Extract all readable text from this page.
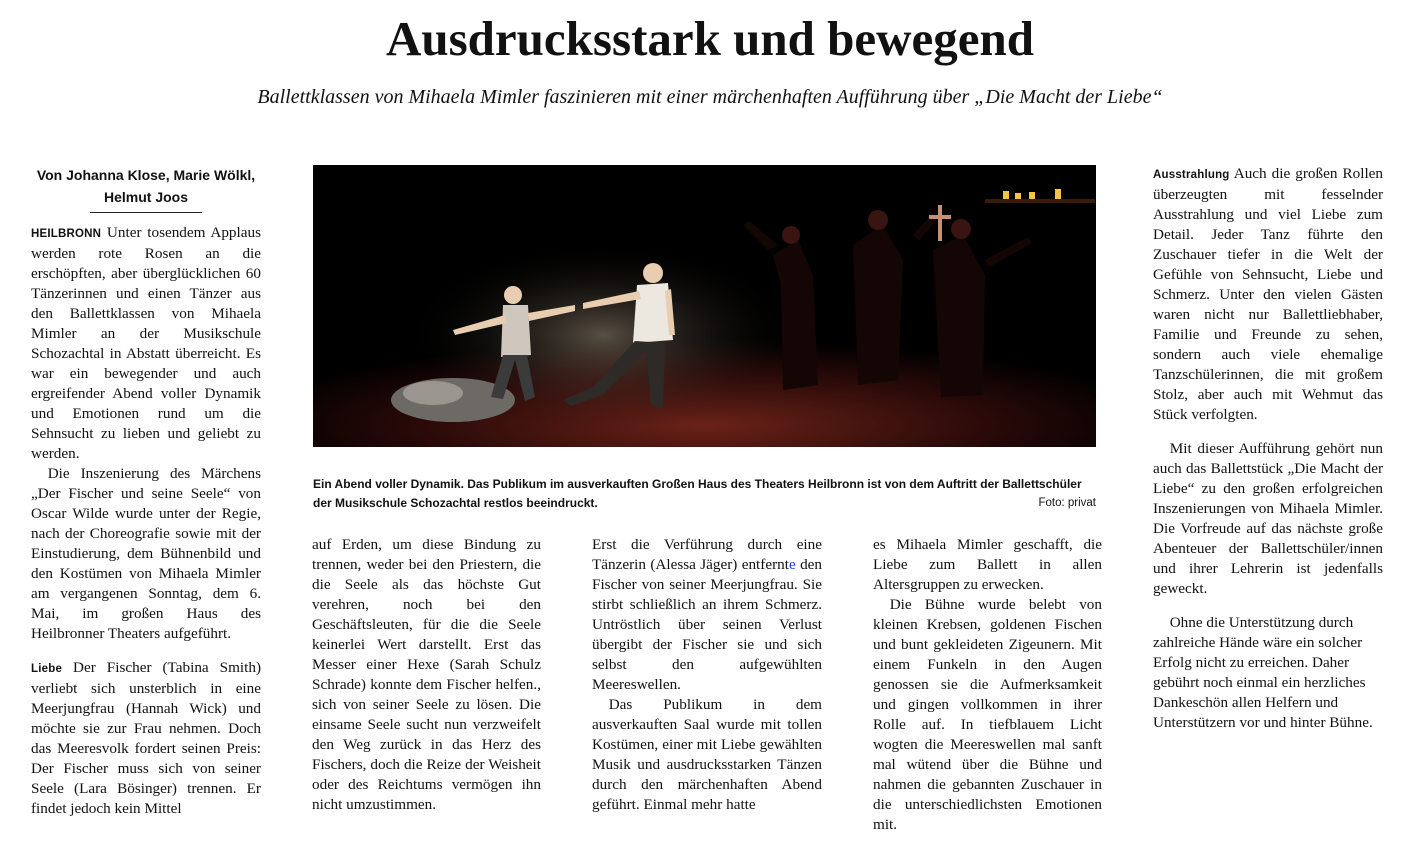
Ausdrucksstark und bewegend

Ballettklassen von Mihaela Mimler faszinieren mit einer märchenhaften Aufführung über „Die Macht der Liebe“

Von Johanna Klose, Marie Wölkl,

Helmut Joos

HEILBRONN Unter tosendem Applaus werden rote Rosen an die erschöpften, aber überglücklichen 60 Tänzerinnen und einen Tänzer aus den Ballettklassen von Mihaela Mimler an der Musikschule Schozachtal in Abstatt überreicht. Es war ein bewegender und auch ergreifender Abend voller Dynamik und Emotionen rund um die Sehnsucht zu lieben und geliebt zu werden.

Die Inszenierung des Märchens „Der Fischer und seine Seele“ von Oscar Wilde wurde unter der Regie, nach der Choreografie sowie mit der Einstudierung, dem Bühnenbild und den Kostümen von Mihaela Mimler am vergangenen Sonntag, dem 6. Mai, im großen Haus des Heilbronner Theaters aufgeführt.

Liebe Der Fischer (Tabina Smith) verliebt sich unsterblich in eine Meerjungfrau (Hannah Wick) und möchte sie zur Frau nehmen. Doch das Meeresvolk fordert seinen Preis: Der Fischer muss sich von seiner Seele (Lara Bösinger) trennen. Er findet jedoch kein Mittel

Ein Abend voller Dynamik. Das Publikum im ausverkauften Großen Haus des Theaters Heilbronn ist von dem Auftritt der Ballettschüler der Musikschule Schozachtal restlos beeindruckt.	Foto: privat

auf Erden, um diese Bindung zu trennen, weder bei den Priestern, die die Seele als das höchste Gut verehren, noch bei den Geschäftsleuten, für die die Seele keinerlei Wert darstellt. Erst das Messer einer Hexe (Sarah Schulz Schrade) konnte dem Fischer helfen., sich von seiner Seele zu lösen. Die einsame Seele sucht nun verzweifelt den Weg zurück in das Herz des Fischers, doch die Reize der Weisheit oder des Reichtums vermögen ihn nicht umzustimmen.

Erst die Verführung durch eine Tänzerin (Alessa Jäger) entfernte den Fischer von seiner Meerjungfrau. Sie stirbt schließlich an ihrem Schmerz. Untröstlich über seinen Verlust übergibt der Fischer sie und sich selbst den aufgewühlten Meereswellen.

Das Publikum in dem ausverkauften Saal wurde mit tollen Kostümen, einer mit Liebe gewählten Musik und ausdrucksstarken Tänzen durch den märchenhaften Abend geführt. Einmal mehr hatte

es Mihaela Mimler geschafft, die Liebe zum Ballett in allen Altersgruppen zu erwecken.

Die Bühne wurde belebt von kleinen Krebsen, goldenen Fischen und bunt gekleideten Zigeunern. Mit einem Funkeln in den Augen genossen sie die Aufmerksamkeit und gingen vollkommen in ihrer Rolle auf. In tiefblauem Licht wogten die Meereswellen mal sanft mal wütend über die Bühne und nahmen die gebannten Zuschauer in die unterschiedlichsten Emotionen mit.

Ausstrahlung Auch die großen Rollen überzeugten mit fesselnder Ausstrahlung und viel Liebe zum Detail. Jeder Tanz führte den Zuschauer tiefer in die Welt der Gefühle von Sehnsucht, Liebe und Schmerz. Unter den vielen Gästen waren nicht nur Ballettliebhaber, Familie und Freunde zu sehen, sondern auch viele ehemalige Tanzschülerinnen, die mit großem Stolz, aber auch mit Wehmut das Stück verfolgten.

Mit dieser Aufführung gehört nun auch das Ballettstück „Die Macht der Liebe“ zu den großen erfolgreichen Inszenierungen von Mihaela Mimler. Die Vorfreude auf das nächste große Abenteuer der Ballettschüler/innen und ihrer Lehrerin ist jedenfalls geweckt.

Ohne die Unterstützung durch zahlreiche Hände wäre ein solcher Erfolg nicht zu erreichen. Daher gebührt noch einmal ein herzliches Dankeschön allen Helfern und Unterstützern vor und hinter Bühne.
